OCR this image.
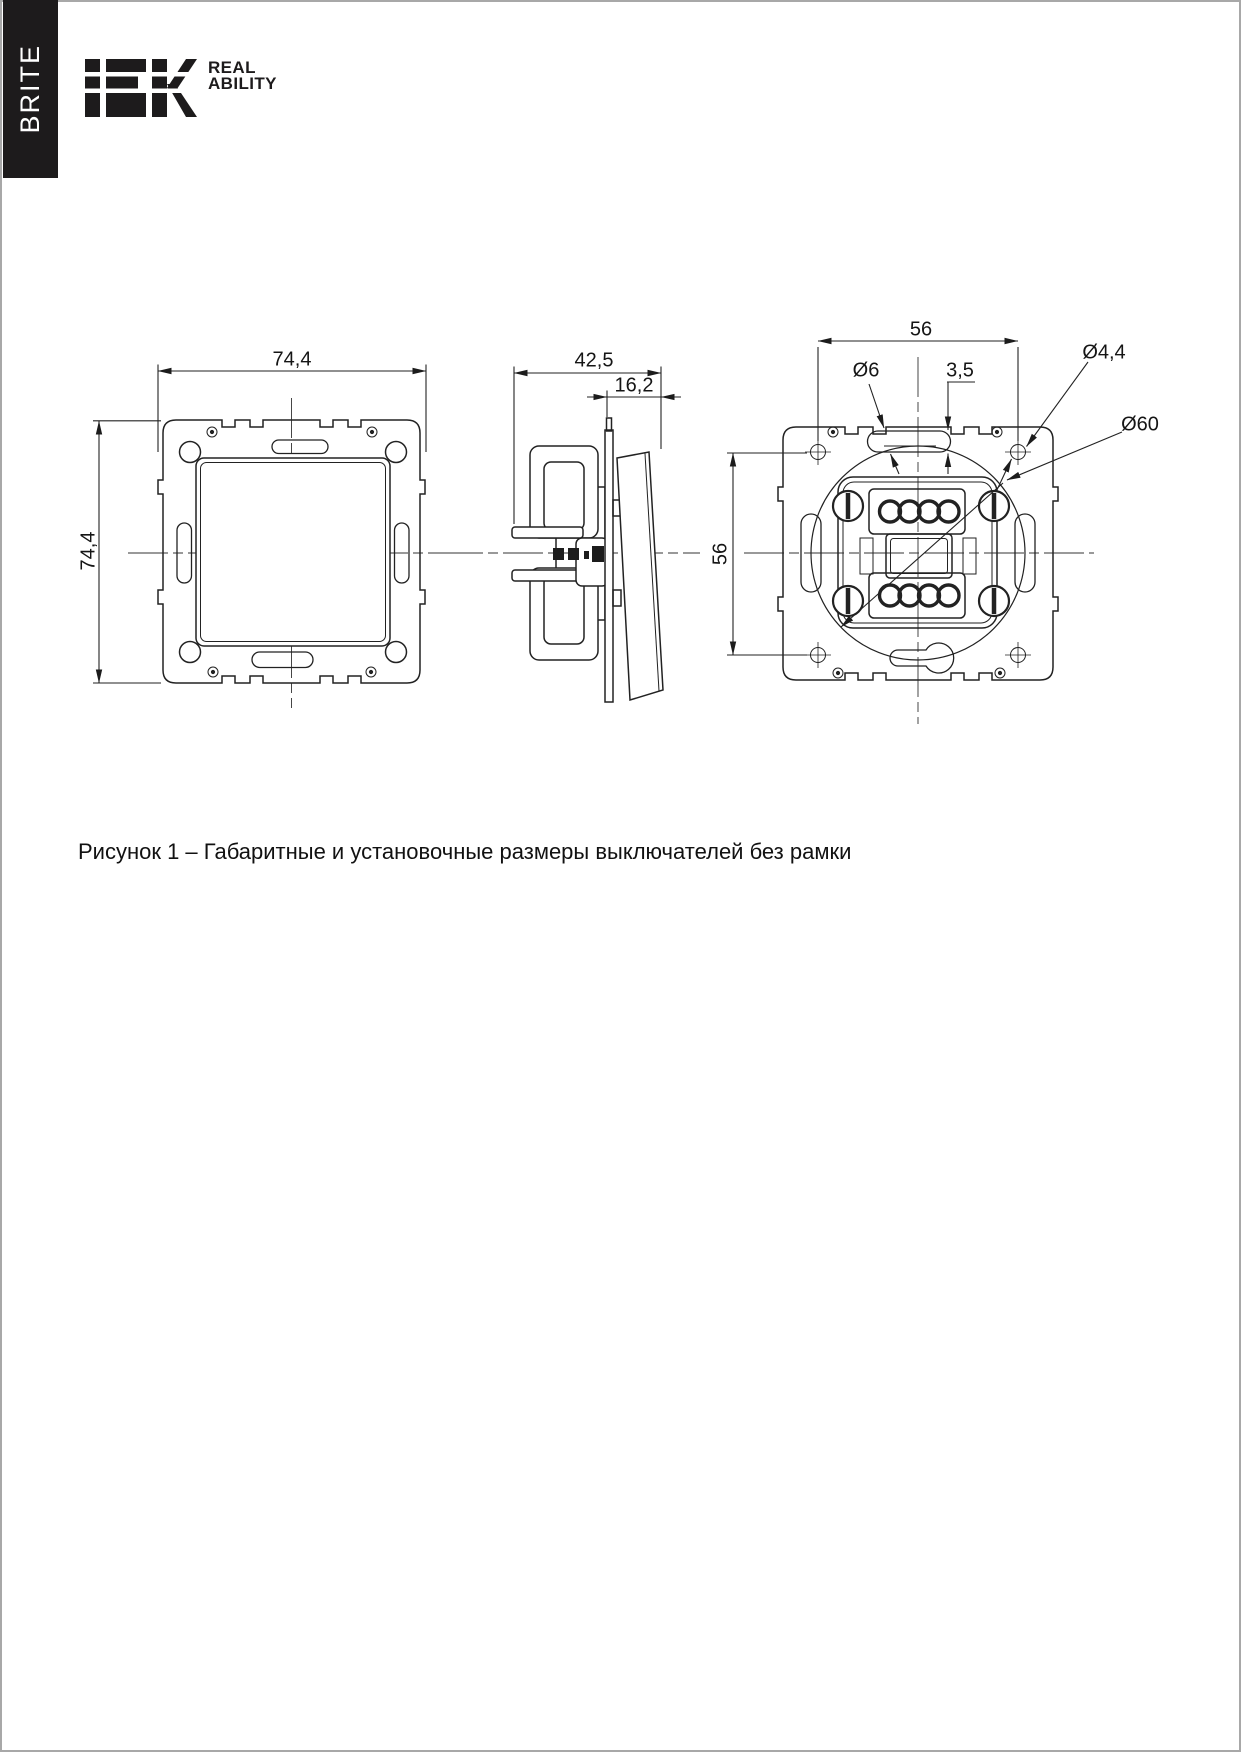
BRITE	REAL
ABILITY
74,4
74,4
42,5
16,2
56
Ø6	3,5
Ø4,4
Ø60
56
Рисунок 1 – Габаритные и установочные размеры выключателей без рамки
